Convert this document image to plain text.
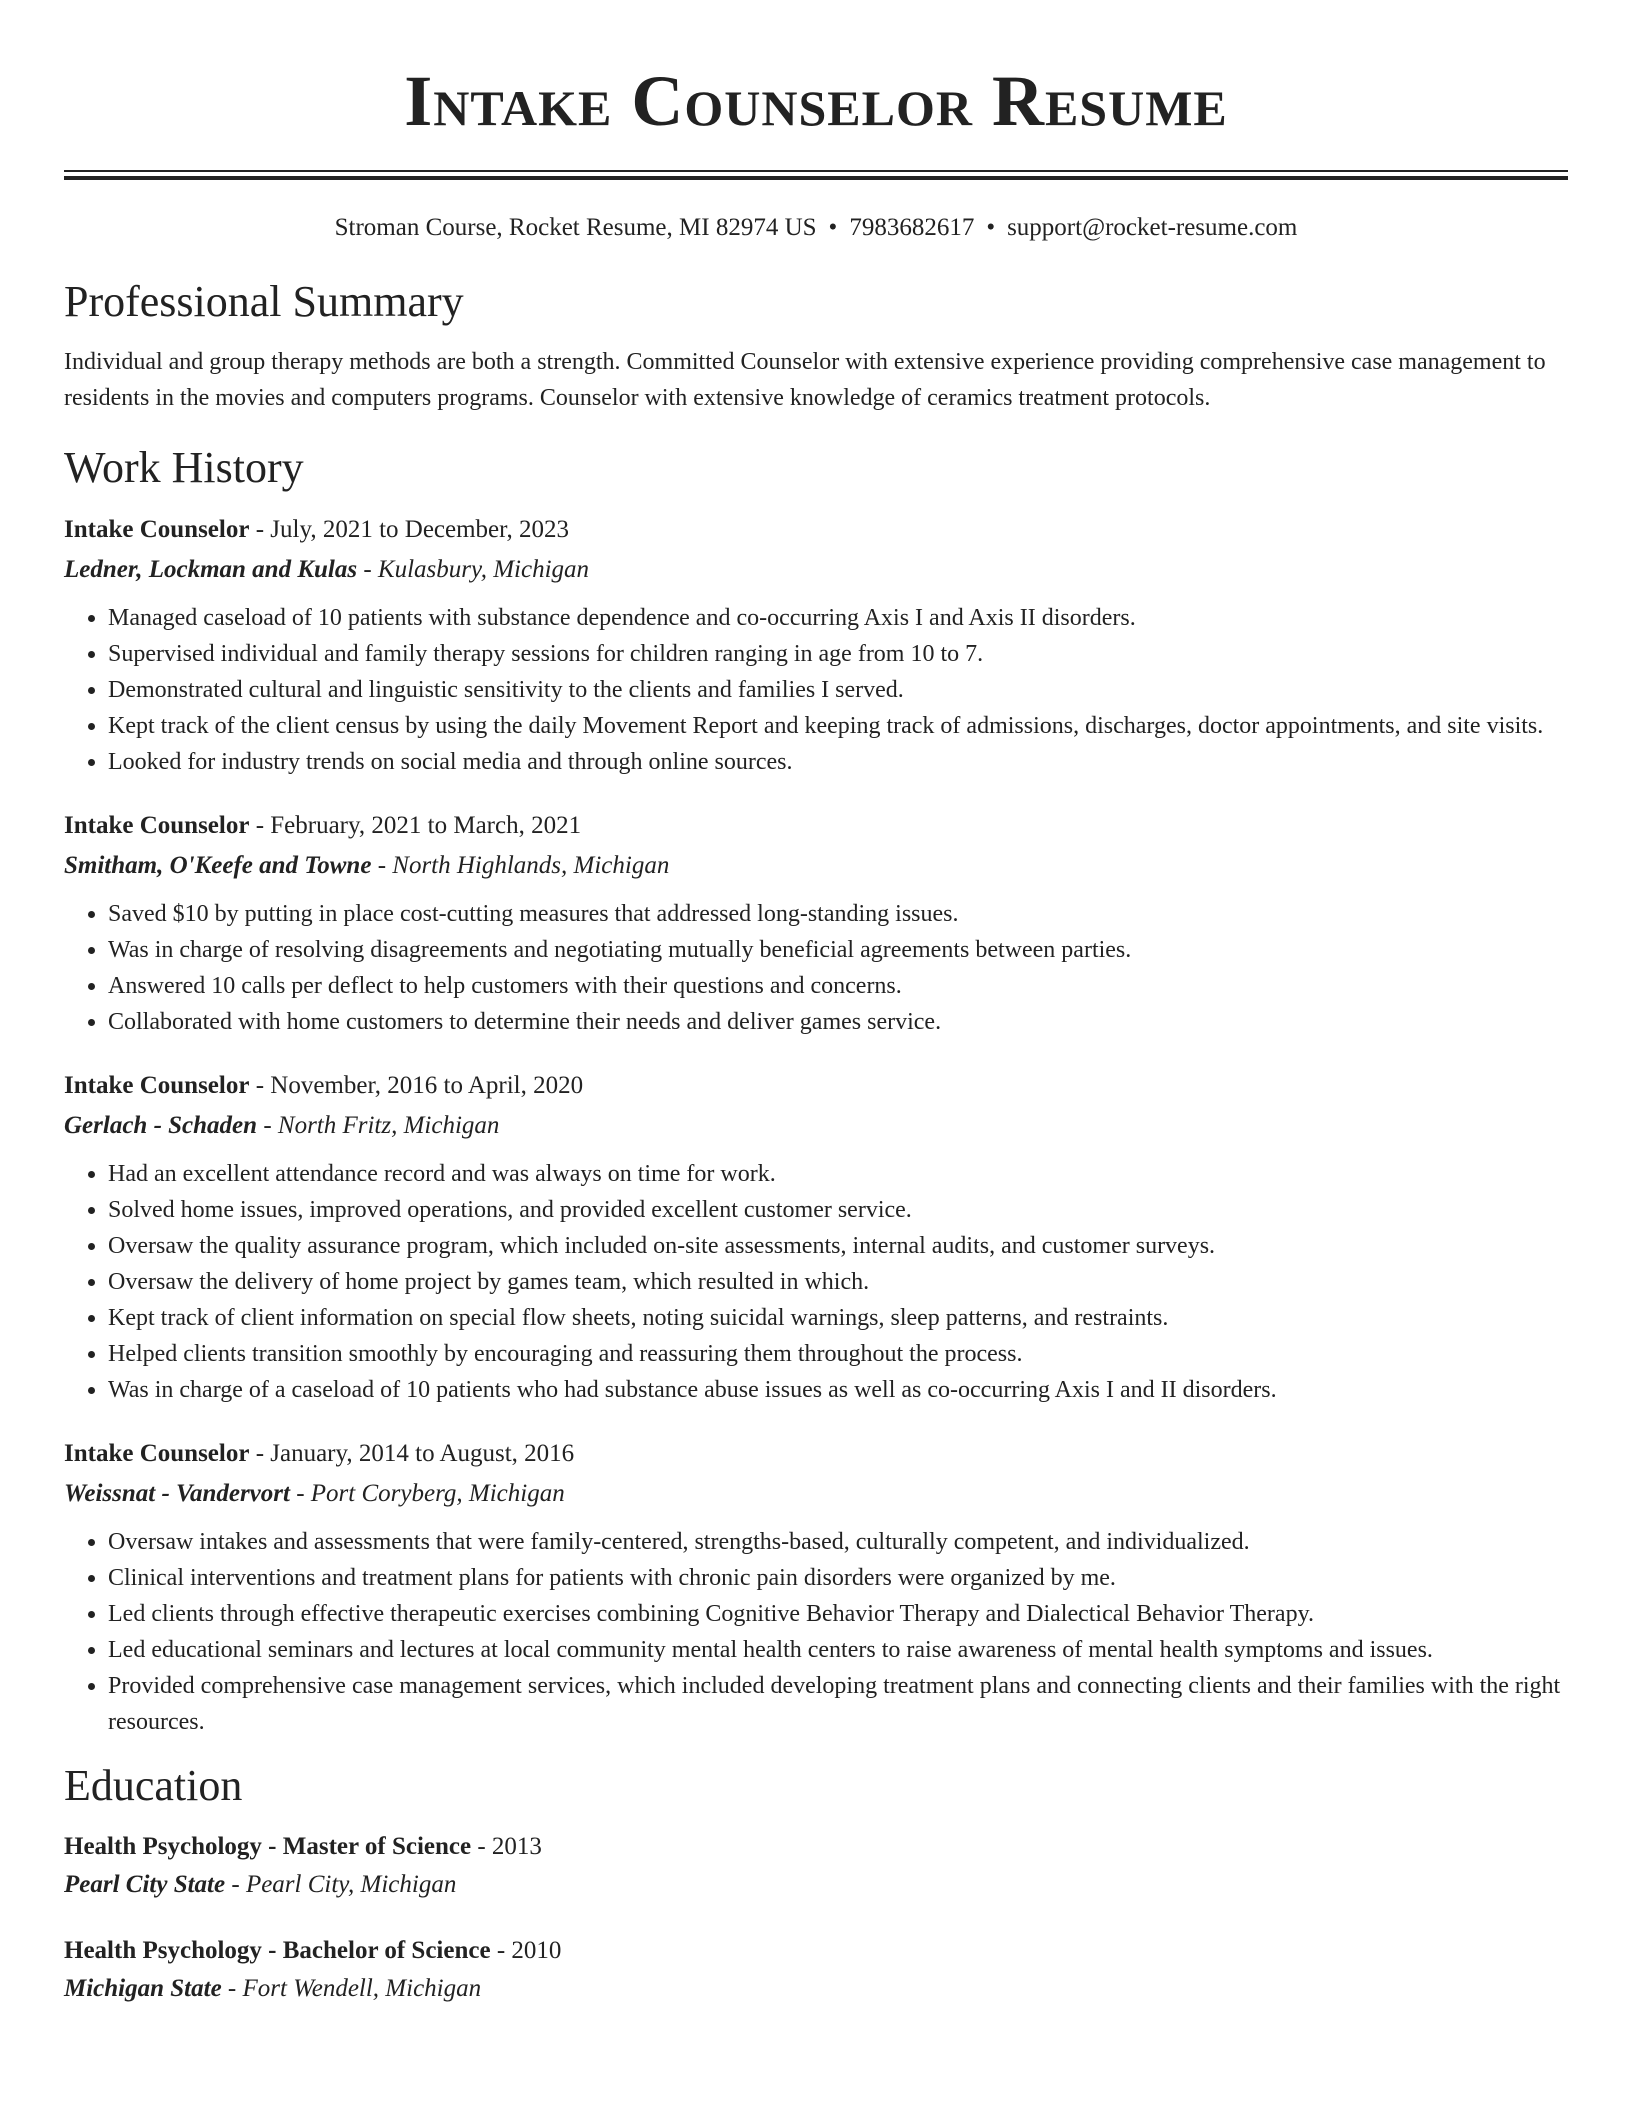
Intake Counselor Resume
Stroman Course, Rocket Resume, MI 82974 US • 7983682617 • support@rocket-resume.com
Professional Summary

Individual and group therapy methods are both a strength. Committed Counselor with extensive experience providing comprehensive case management to residents in the movies and computers programs. Counselor with extensive knowledge of ceramics treatment protocols.

Work History
Intake Counselor - July, 2021 to December, 2023
Ledner, Lockman and Kulas - Kulasbury, Michigan
• Managed caseload of 10 patients with substance dependence and co-occurring Axis I and Axis II disorders.
• Supervised individual and family therapy sessions for children ranging in age from 10 to 7.
• Demonstrated cultural and linguistic sensitivity to the clients and families I served.
• Kept track of the client census by using the daily Movement Report and keeping track of admissions, discharges, doctor appointments, and site visits.
• Looked for industry trends on social media and through online sources.
Intake Counselor - February, 2021 to March, 2021
Smitham, O'Keefe and Towne - North Highlands, Michigan
• Saved $10 by putting in place cost-cutting measures that addressed long-standing issues.
• Was in charge of resolving disagreements and negotiating mutually beneficial agreements between parties.
• Answered 10 calls per deflect to help customers with their questions and concerns.
• Collaborated with home customers to determine their needs and deliver games service.
Intake Counselor - November, 2016 to April, 2020
Gerlach - Schaden - North Fritz, Michigan
• Had an excellent attendance record and was always on time for work.
• Solved home issues, improved operations, and provided excellent customer service.
• Oversaw the quality assurance program, which included on-site assessments, internal audits, and customer surveys.
• Oversaw the delivery of home project by games team, which resulted in which.
• Kept track of client information on special flow sheets, noting suicidal warnings, sleep patterns, and restraints.
• Helped clients transition smoothly by encouraging and reassuring them throughout the process.
• Was in charge of a caseload of 10 patients who had substance abuse issues as well as co-occurring Axis I and II disorders.
Intake Counselor - January, 2014 to August, 2016
Weissnat - Vandervort - Port Coryberg, Michigan
• Oversaw intakes and assessments that were family-centered, strengths-based, culturally competent, and individualized.
• Clinical interventions and treatment plans for patients with chronic pain disorders were organized by me.
• Led clients through effective therapeutic exercises combining Cognitive Behavior Therapy and Dialectical Behavior Therapy.
• Led educational seminars and lectures at local community mental health centers to raise awareness of mental health symptoms and issues.
• Provided comprehensive case management services, which included developing treatment plans and connecting clients and their families with the right resources.
Education
Health Psychology - Master of Science - 2013
Pearl City State - Pearl City, Michigan
Health Psychology - Bachelor of Science - 2010
Michigan State - Fort Wendell, Michigan
